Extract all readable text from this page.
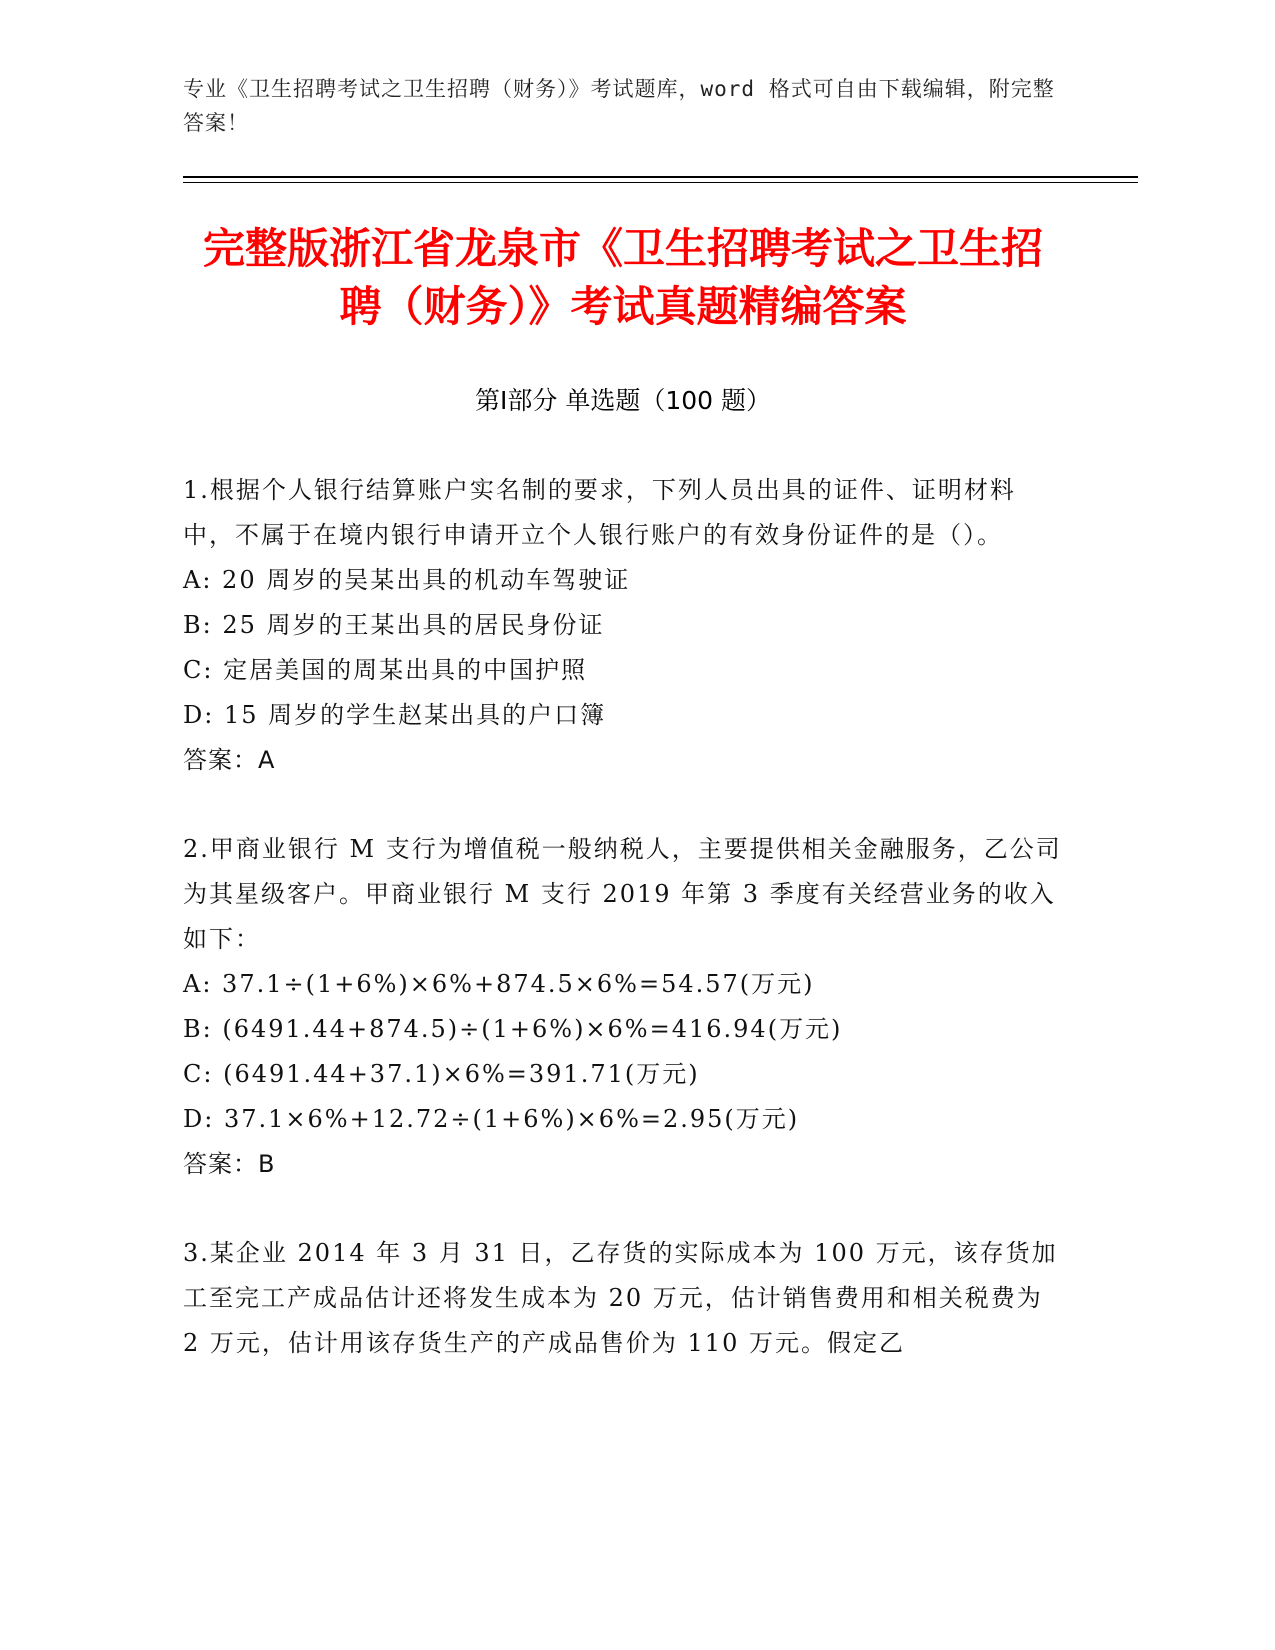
专业《卫生招聘考试之卫生招聘（财务）》考试题库，word 格式可自由下载编辑，附完整答案！
完整版浙江省龙泉市《卫生招聘考试之卫生招聘（财务）》考试真题精编答案
第Ⅰ部分 单选题（100 题）
1.根据个人银行结算账户实名制的要求，下列人员出具的证件、证明材料中，不属于在境内银行申请开立个人银行账户的有效身份证件的是（）。
A: 20 周岁的吴某出具的机动车驾驶证
B: 25 周岁的王某出具的居民身份证
C: 定居美国的周某出具的中国护照
D: 15 周岁的学生赵某出具的户口簿
答案：A
2.甲商业银行 M 支行为增值税一般纳税人，主要提供相关金融服务，乙公司为其星级客户。甲商业银行 M 支行 2019 年第 3 季度有关经营业务的收入如下：
A: 37.1÷(1+6%)×6%+874.5×6%=54.57(万元)
B: (6491.44+874.5)÷(1+6%)×6%=416.94(万元)
C: (6491.44+37.1)×6%=391.71(万元)
D: 37.1×6%+12.72÷(1+6%)×6%=2.95(万元)
答案：B
3.某企业 2014 年 3 月 31 日，乙存货的实际成本为 100 万元，该存货加工至完工产成品估计还将发生成本为 20 万元，估计销售费用和相关税费为 2 万元，估计用该存货生产的产成品售价为 110 万元。假定乙
